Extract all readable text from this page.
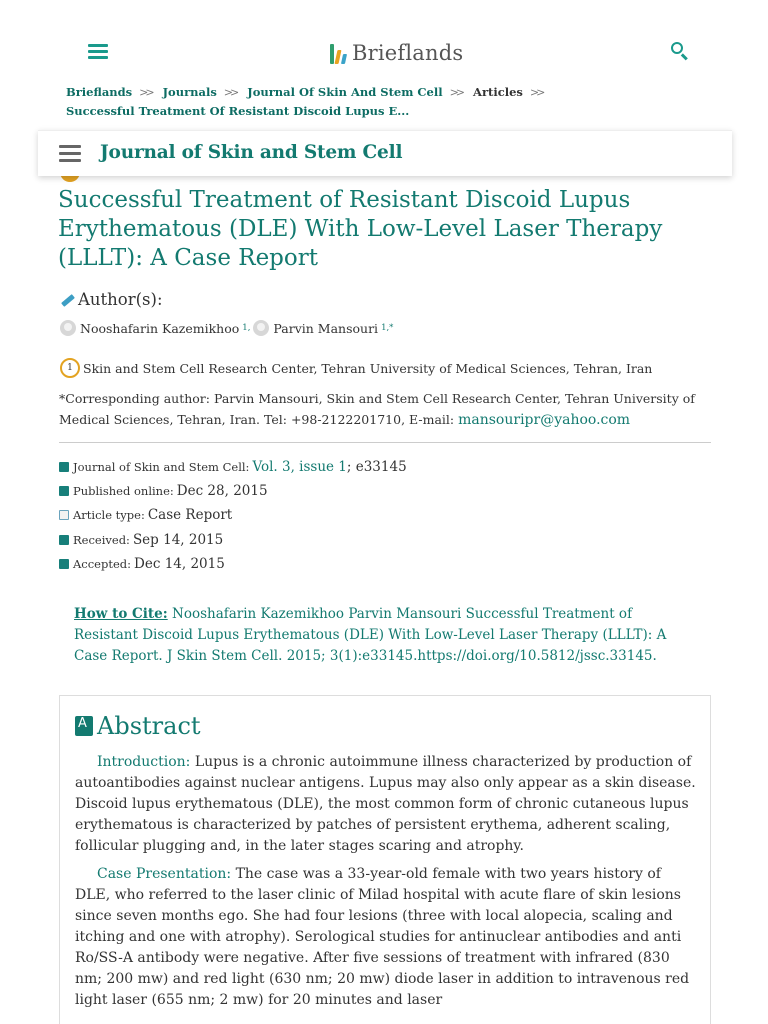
Brieflands
Brieflands >> Journals >> Journal Of Skin And Stem Cell >> Articles >>
Successful Treatment Of Resistant Discoid Lupus E...
Journal of Skin and Stem Cell
Successful Treatment of Resistant Discoid Lupus Erythematous (DLE) With Low-Level Laser Therapy (LLLT): A Case Report
Author(s):
Nooshafarin Kazemikhoo 1, Parvin Mansouri 1,*
1 Skin and Stem Cell Research Center, Tehran University of Medical Sciences, Tehran, Iran
*Corresponding author: Parvin Mansouri, Skin and Stem Cell Research Center, Tehran University of Medical Sciences, Tehran, Iran. Tel: +98-2122201710, E-mail: mansouripr@yahoo.com
Journal of Skin and Stem Cell: Vol. 3, issue 1 ; e33145
Published online: Dec 28, 2015
Article type: Case Report
Received: Sep 14, 2015
Accepted: Dec 14, 2015
How to Cite: Nooshafarin Kazemikhoo Parvin Mansouri Successful Treatment of Resistant Discoid Lupus Erythematous (DLE) With Low-Level Laser Therapy (LLLT): A Case Report. J Skin Stem Cell. 2015; 3(1):e33145.https://doi.org/10.5812/jssc.33145.
A
Abstract

Introduction: Lupus is a chronic autoimmune illness characterized by production of autoantibodies against nuclear antigens. Lupus may also only appear as a skin disease. Discoid lupus erythematous (DLE), the most common form of chronic cutaneous lupus erythematous is characterized by patches of persistent erythema, adherent scaling, follicular plugging and, in the later stages scaring and atrophy.

Case Presentation: The case was a 33-year-old female with two years history of DLE, who referred to the laser clinic of Milad hospital with acute flare of skin lesions since seven months ego. She had four lesions (three with local alopecia, scaling and itching and one with atrophy). Serological studies for antinuclear antibodies and anti Ro/SS-A antibody were negative. After five sessions of treatment with infrared (830 nm; 200 mw) and red light (630 nm; 20 mw) diode laser in addition to intravenous red light laser (655 nm; 2 mw) for 20 minutes and laser
